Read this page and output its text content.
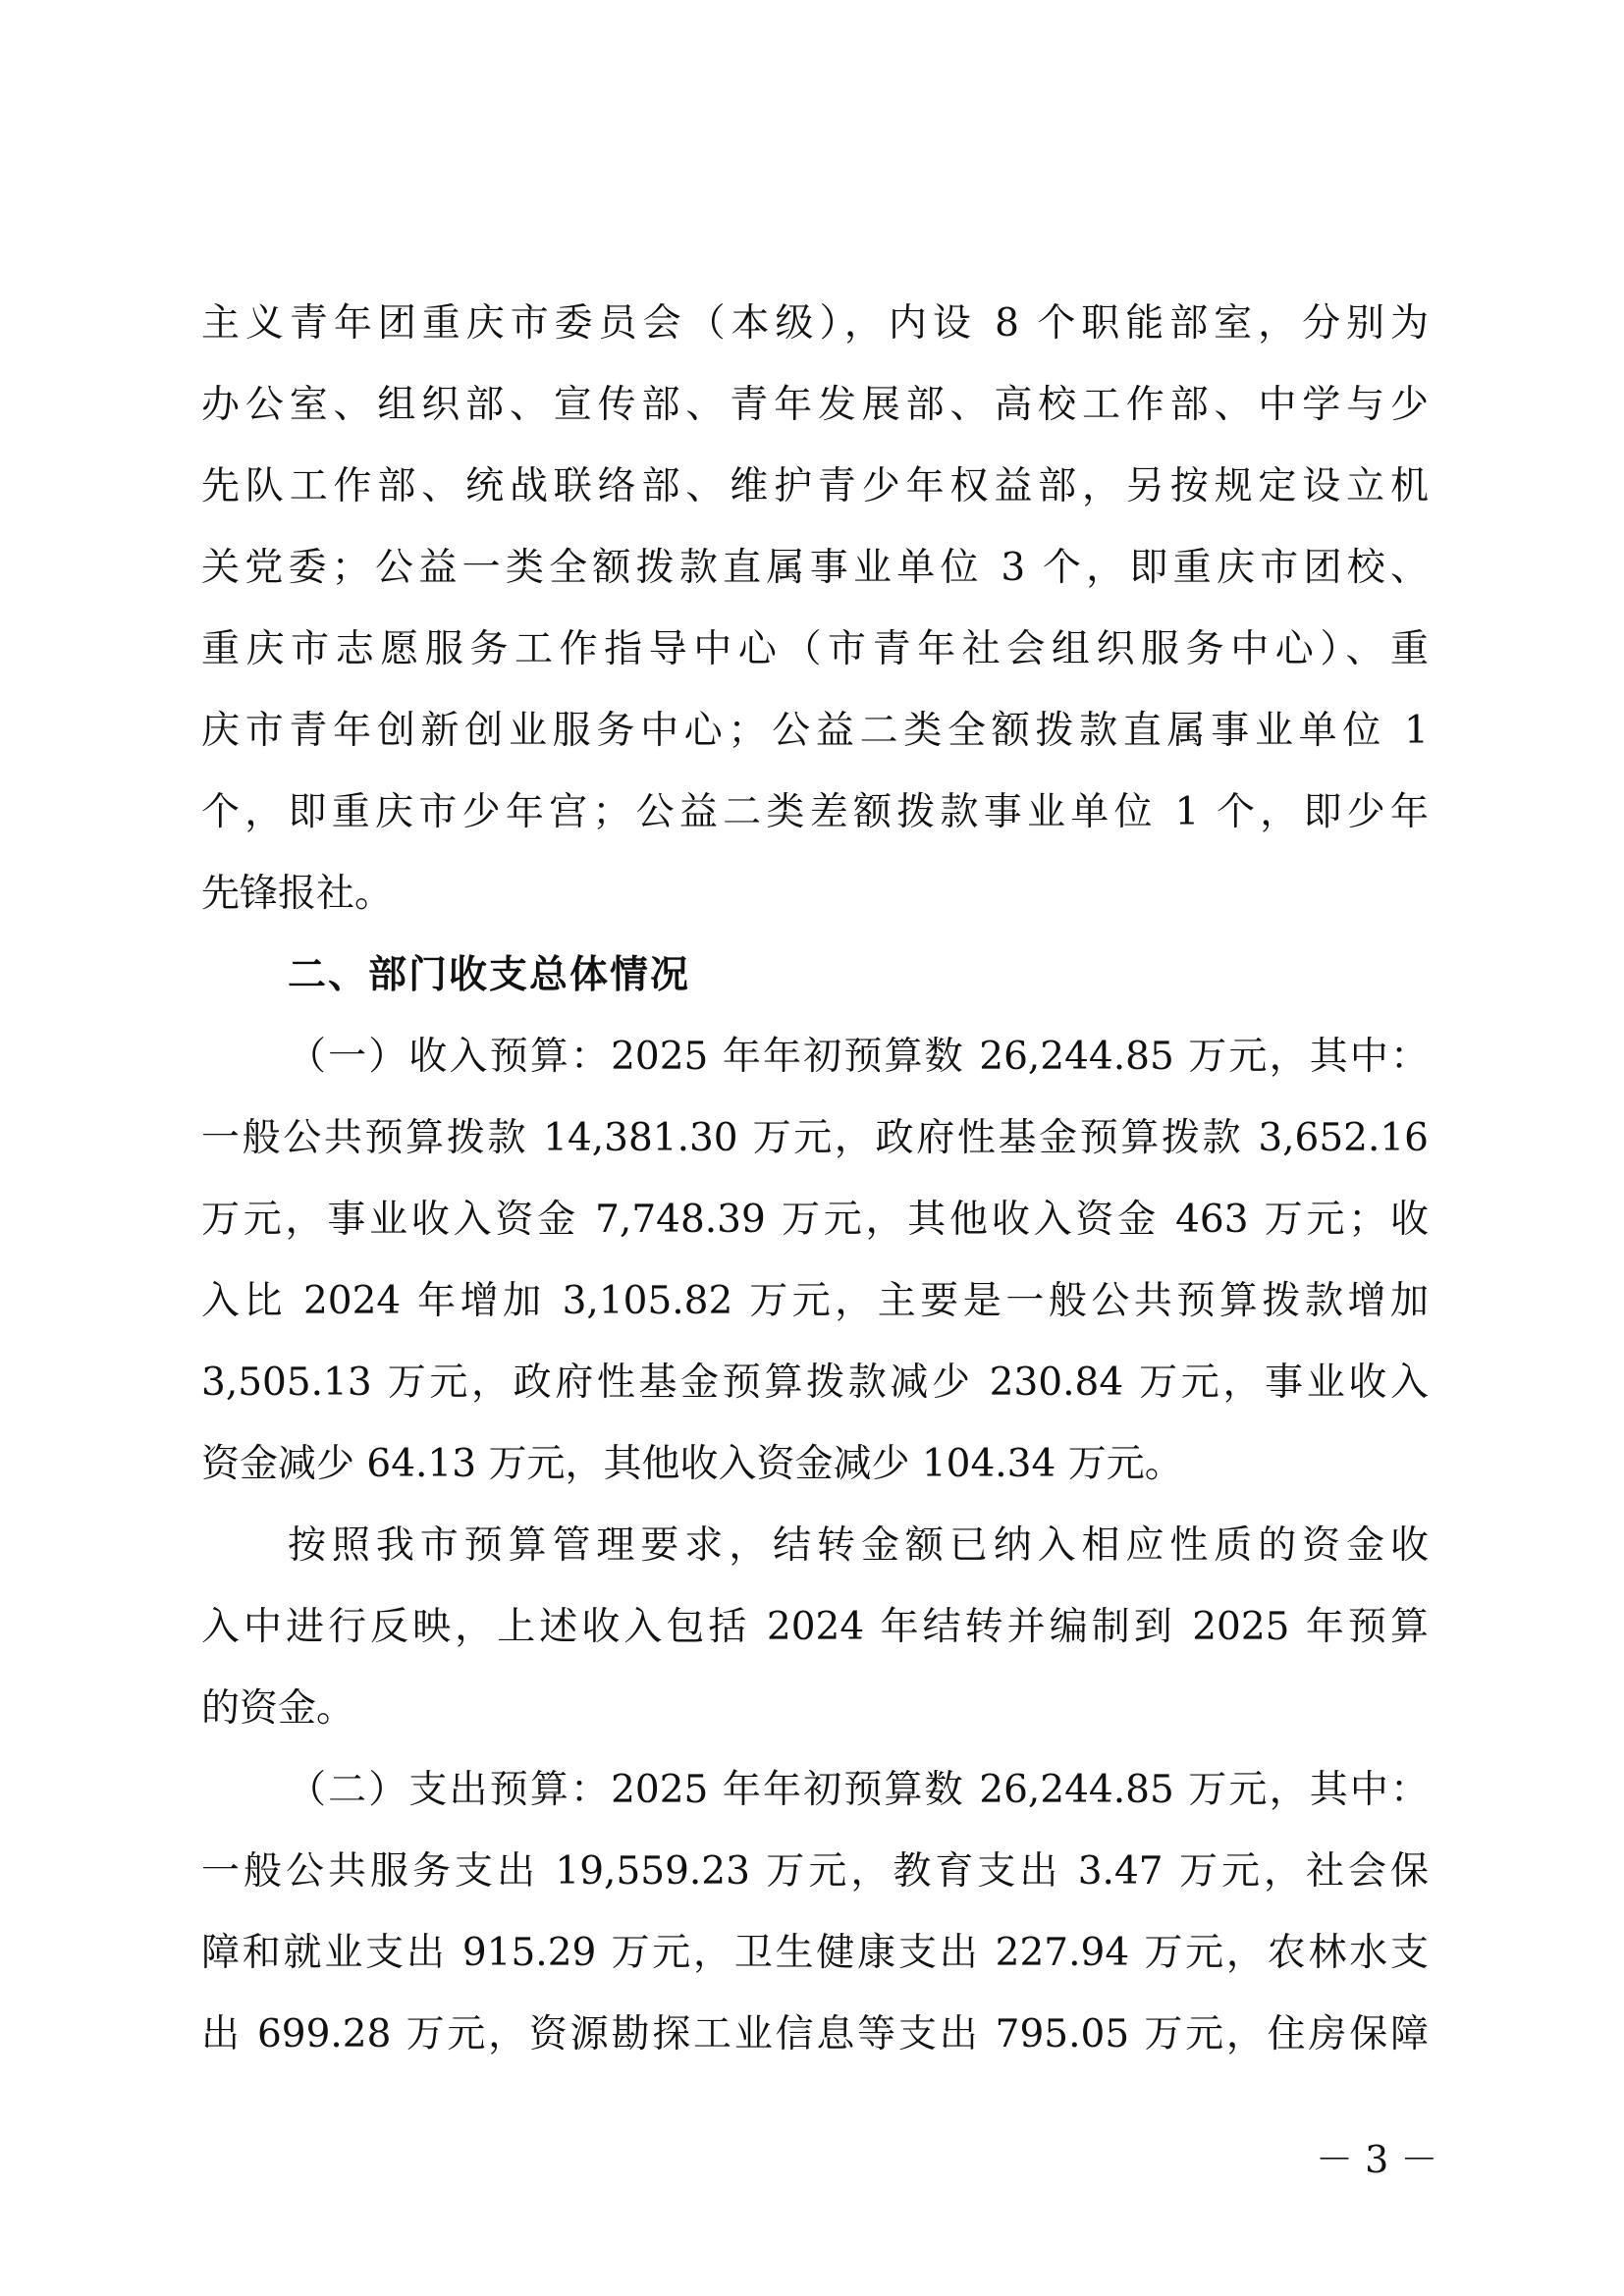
主义青年团重庆市委员会（本级），内设 8 个职能部室，分别为
办公室、组织部、宣传部、青年发展部、高校工作部、中学与少
先队工作部、统战联络部、维护青少年权益部，另按规定设立机
关党委；公益一类全额拨款直属事业单位 3 个，即重庆市团校、
重庆市志愿服务工作指导中心（市青年社会组织服务中心）、重
庆市青年创新创业服务中心；公益二类全额拨款直属事业单位 1
个，即重庆市少年宫；公益二类差额拨款事业单位 1 个，即少年
先锋报社。
二、部门收支总体情况
（一）收入预算：2025 年年初预算数 26,244.85 万元，其中：
一般公共预算拨款 14,381.30 万元，政府性基金预算拨款 3,652.16
万元，事业收入资金 7,748.39 万元，其他收入资金 463 万元；收
入比 2024 年增加 3,105.82 万元，主要是一般公共预算拨款增加
3,505.13 万元，政府性基金预算拨款减少 230.84 万元，事业收入
资金减少 64.13 万元，其他收入资金减少 104.34 万元。
按照我市预算管理要求，结转金额已纳入相应性质的资金收
入中进行反映，上述收入包括 2024 年结转并编制到 2025 年预算
的资金。
（二）支出预算：2025 年年初预算数 26,244.85 万元，其中：
一般公共服务支出 19,559.23 万元，教育支出 3.47 万元，社会保
障和就业支出 915.29 万元，卫生健康支出 227.94 万元，农林水支
出 699.28 万元，资源勘探工业信息等支出 795.05 万元，住房保障
－ 3 －
